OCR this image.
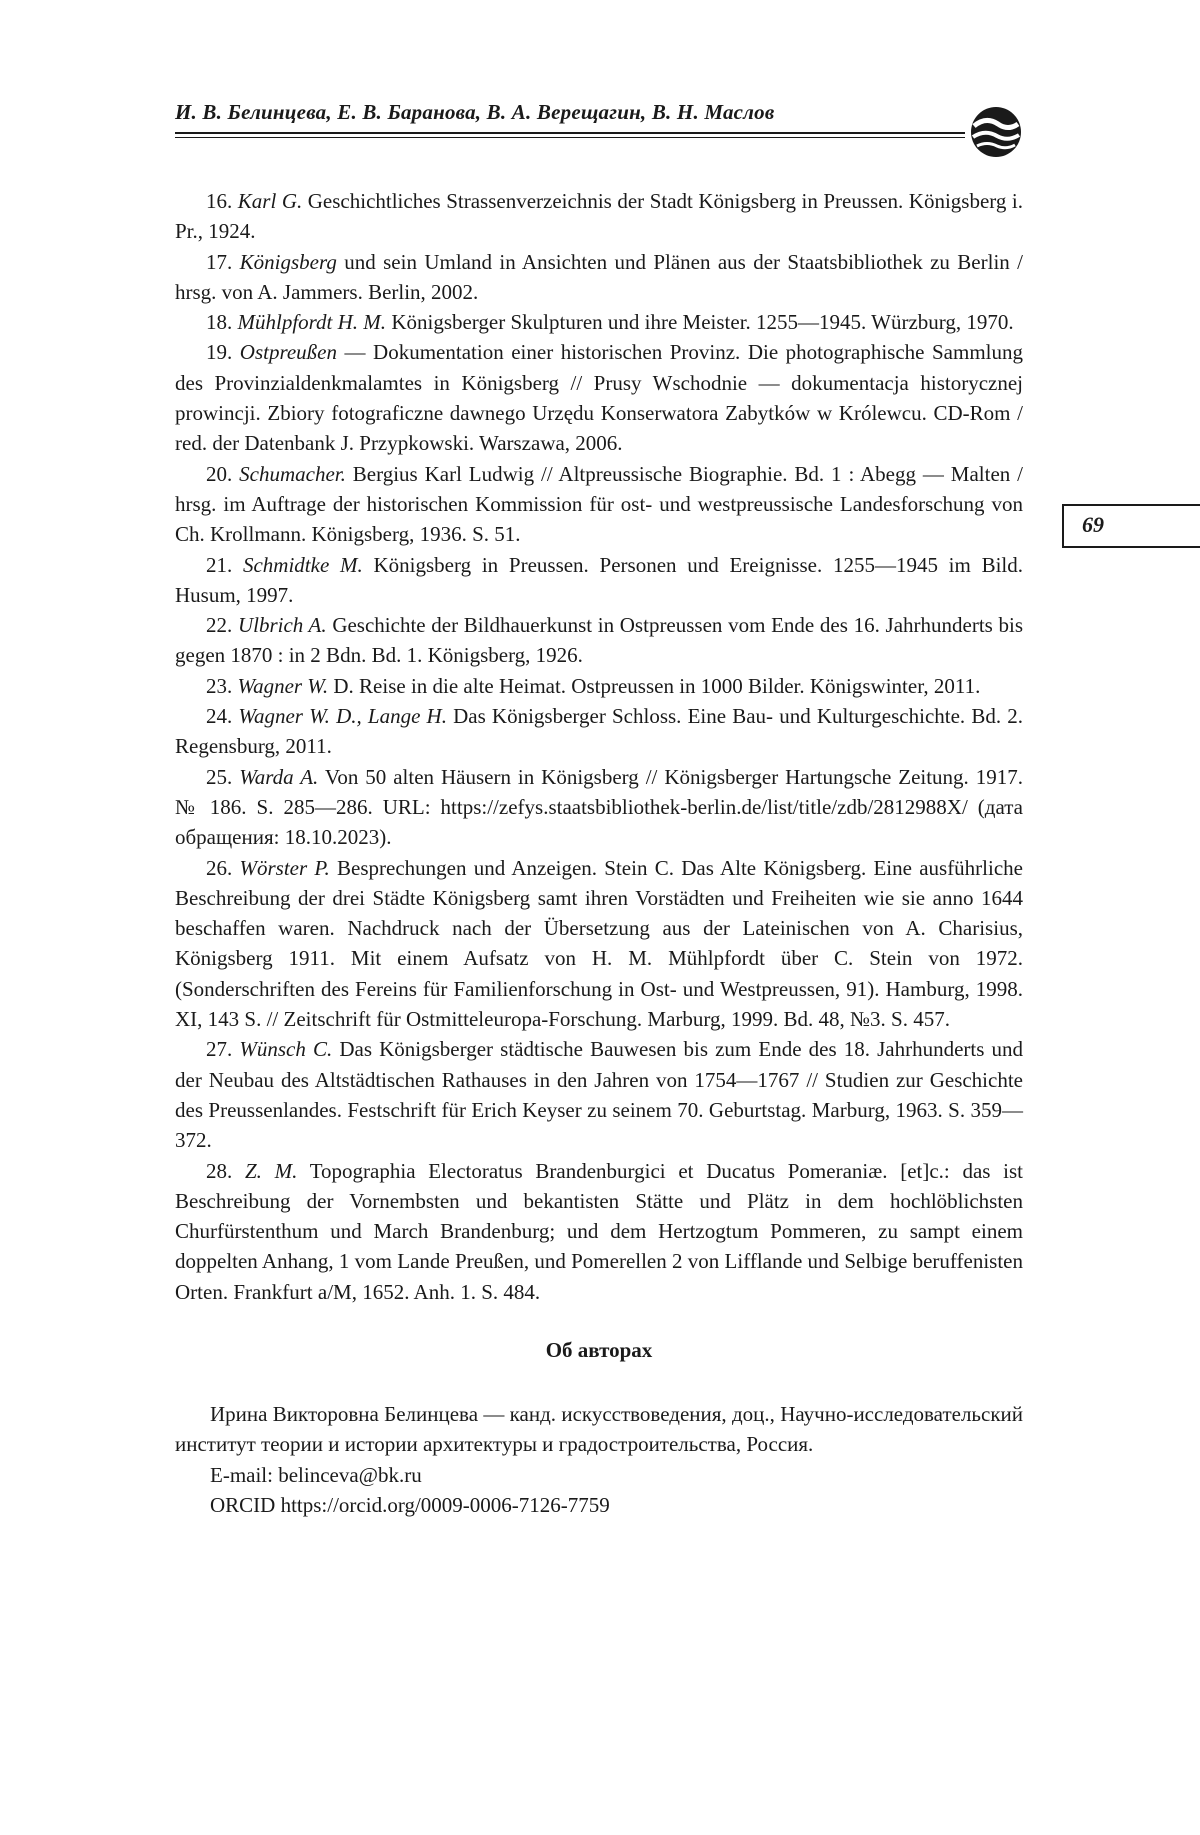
И. В. Белинцева, Е. В. Баранова, В. А. Верещагин, В. Н. Маслов
69

16. Karl G. Geschichtliches Strassenverzeichnis der Stadt Königsberg in Preussen. Königsberg i. Pr., 1924.

17. Königsberg und sein Umland in Ansichten und Plänen aus der Staatsbibliothek zu Berlin / hrsg. von A. Jammers. Berlin, 2002.

18. Mühlpfordt H. M. Königsberger Skulpturen und ihre Meister. 1255—1945. Würzburg, 1970.

19. Ostpreußen — Dokumentation einer historischen Provinz. Die photographische Sammlung des Provinzialdenkmalamtes in Königsberg // Prusy Wschodnie — dokumentacja historycznej prowincji. Zbiory fotograficzne dawnego Urzędu Konserwatora Zabytków w Królewcu. CD-Rom / red. der Datenbank J. Przypkowski. Warszawa, 2006.

20. Schumacher. Bergius Karl Ludwig // Altpreussische Biographie. Bd. 1 : Abegg — Malten / hrsg. im Auftrage der historischen Kommission für ost- und westpreussische Landesforschung von Ch. Krollmann. Königsberg, 1936. S. 51.

21. Schmidtke M. Königsberg in Preussen. Personen und Ereignisse. 1255—1945 im Bild. Husum, 1997.

22. Ulbrich A. Geschichte der Bildhauerkunst in Ostpreussen vom Ende des 16. Jahrhunderts bis gegen 1870 : in 2 Bdn. Bd. 1. Königsberg, 1926.

23. Wagner W. D. Reise in die alte Heimat. Ostpreussen in 1000 Bilder. Königswinter, 2011.

24. Wagner W. D., Lange H. Das Königsberger Schloss. Eine Bau- und Kulturgeschichte. Bd. 2. Regensburg, 2011.

25. Warda A. Von 50 alten Häusern in Königsberg // Königsberger Hartungsche Zeitung. 1917. № 186. S. 285—286. URL: https://zefys.staatsbibliothek-berlin.de/list/title/zdb/2812988X/ (дата обращения: 18.10.2023).

26. Wörster P. Besprechungen und Anzeigen. Stein C. Das Alte Königsberg. Eine ausführliche Beschreibung der drei Städte Königsberg samt ihren Vorstädten und Freiheiten wie sie anno 1644 beschaffen waren. Nachdruck nach der Übersetzung aus der Lateinischen von A. Charisius, Königsberg 1911. Mit einem Aufsatz von H. M. Mühlpfordt über C. Stein von 1972. (Sonderschriften des Fereins für Familienforschung in Ost- und Westpreussen, 91). Hamburg, 1998. XI, 143 S. // Zeitschrift für Ostmitteleuropa-Forschung. Marburg, 1999. Bd. 48, №3. S. 457.

27. Wünsch C. Das Königsberger städtische Bauwesen bis zum Ende des 18. Jahrhunderts und der Neubau des Altstädtischen Rathauses in den Jahren von 1754—1767 // Studien zur Geschichte des Preussenlandes. Festschrift für Erich Keyser zu seinem 70. Geburtstag. Marburg, 1963. S. 359—372.

28. Z. M. Topographia Electoratus Brandenburgici et Ducatus Pomeraniæ. [et]c.: das ist Beschreibung der Vornembsten und bekantisten Stätte und Plätz in dem hochlöblichsten Churfürstenthum und March Brandenburg; und dem Hertzogtum Pommeren, zu sampt einem doppelten Anhang, 1 vom Lande Preußen, und Pomerellen 2 von Lifflande und Selbige beruffenisten Orten. Frankfurt a/M, 1652. Anh. 1. S. 484.

Об авторах

Ирина Викторовна Белинцева — канд. искусствоведения, доц., Научно-исследовательский институт теории и истории архитектуры и градостроительства, Россия.

E-mail: belinceva@bk.ru

ORCID https://orcid.org/0009-0006-7126-7759
